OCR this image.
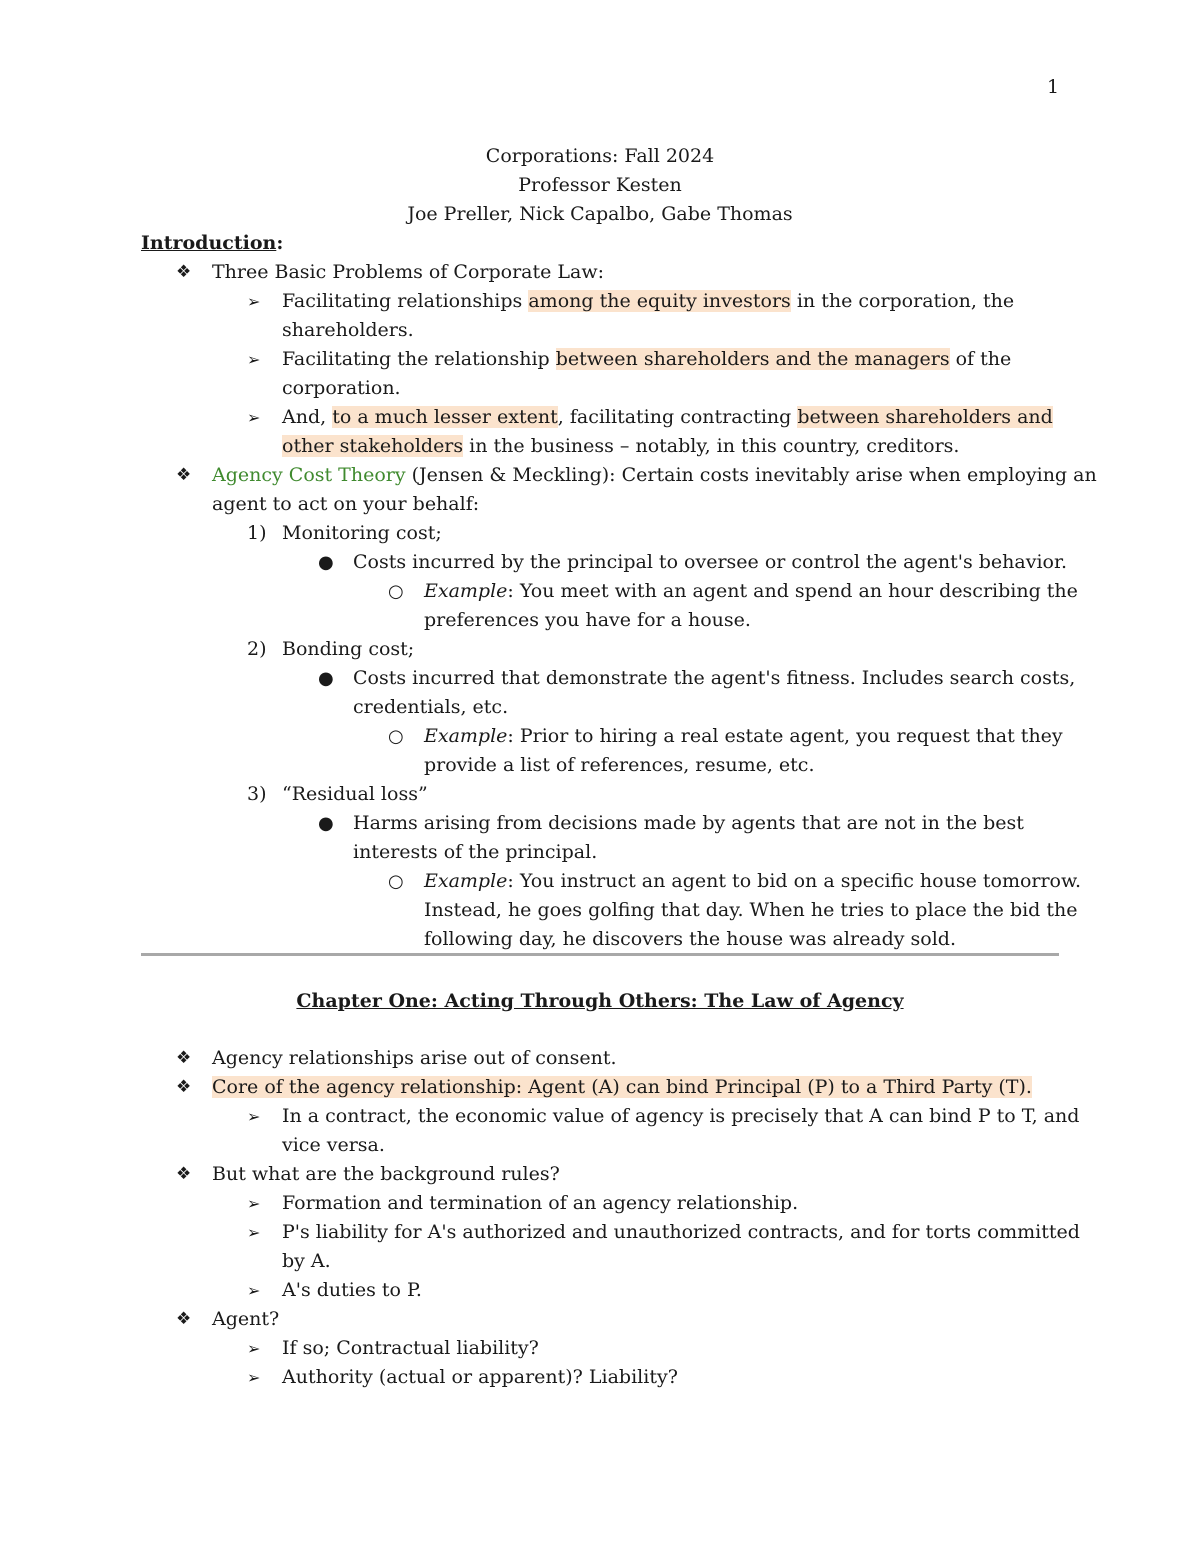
1
Corporations: Fall 2024
Professor Kesten
Joe Preller, Nick Capalbo, Gabe Thomas
Introduction:
❖ Three Basic Problems of Corporate Law:
➢ Facilitating relationships among the equity investors in the corporation, the
shareholders.
➢ Facilitating the relationship between shareholders and the managers of the
corporation.
➢ And, to a much lesser extent, facilitating contracting between shareholders and
other stakeholders in the business – notably, in this country, creditors.
❖ Agency Cost Theory (Jensen & Meckling): Certain costs inevitably arise when employing an
agent to act on your behalf:
1) Monitoring cost;
● Costs incurred by the principal to oversee or control the agent's behavior.
○ Example: You meet with an agent and spend an hour describing the
preferences you have for a house.
2) Bonding cost;
● Costs incurred that demonstrate the agent's fitness. Includes search costs,
credentials, etc.
○ Example: Prior to hiring a real estate agent, you request that they
provide a list of references, resume, etc.
3) “Residual loss”
● Harms arising from decisions made by agents that are not in the best
interests of the principal.
○ Example: You instruct an agent to bid on a specific house tomorrow.
Instead, he goes golfing that day. When he tries to place the bid the
following day, he discovers the house was already sold.
Chapter One: Acting Through Others: The Law of Agency
❖ Agency relationships arise out of consent.
❖ Core of the agency relationship: Agent (A) can bind Principal (P) to a Third Party (T).
➢ In a contract, the economic value of agency is precisely that A can bind P to T, and
vice versa.
❖ But what are the background rules?
➢ Formation and termination of an agency relationship.
➢ P's liability for A's authorized and unauthorized contracts, and for torts committed
by A.
➢ A's duties to P.
❖ Agent?
➢ If so; Contractual liability?
➢ Authority (actual or apparent)? Liability?
